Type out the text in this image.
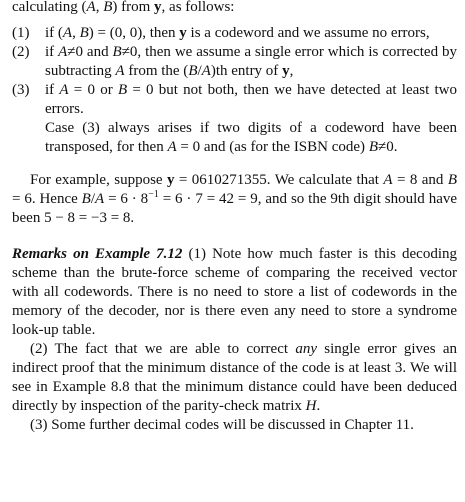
calculating (A, B) from y, as follows:

(1)	if (A, B) = (0, 0), then y is a codeword and we assume no errors,
(2)	if A≠0 and B≠0, then we assume a single error which is corrected by subtracting A from the (B/A)th entry of y,
(3)	if A = 0 or B = 0 but not both, then we have detected at least two errors.

Case (3) always arises if two digits of a codeword have been transposed, for then A = 0 and (as for the ISBN code) B≠0.

For example, suppose y = 0610271355. We calculate that A = 8 and B = 6. Hence $B/A = 6 \cdot 8^{-1} = 6 \cdot 7 = 42 = 9$, and so the 9th digit should have been 5 − 8 = −3 = 8.

Remarks on Example 7.12 (1) Note how much faster is this decoding scheme than the brute-force scheme of comparing the received vector with all codewords. There is no need to store a list of codewords in the memory of the decoder, nor is there even any need to store a syndrome look-up table.

(2) The fact that we are able to correct any single error gives an indirect proof that the minimum distance of the code is at least 3. We will see in Example 8.8 that the minimum distance could have been deduced directly by inspection of the parity-check matrix H.

(3) Some further decimal codes will be discussed in Chapter 11.
